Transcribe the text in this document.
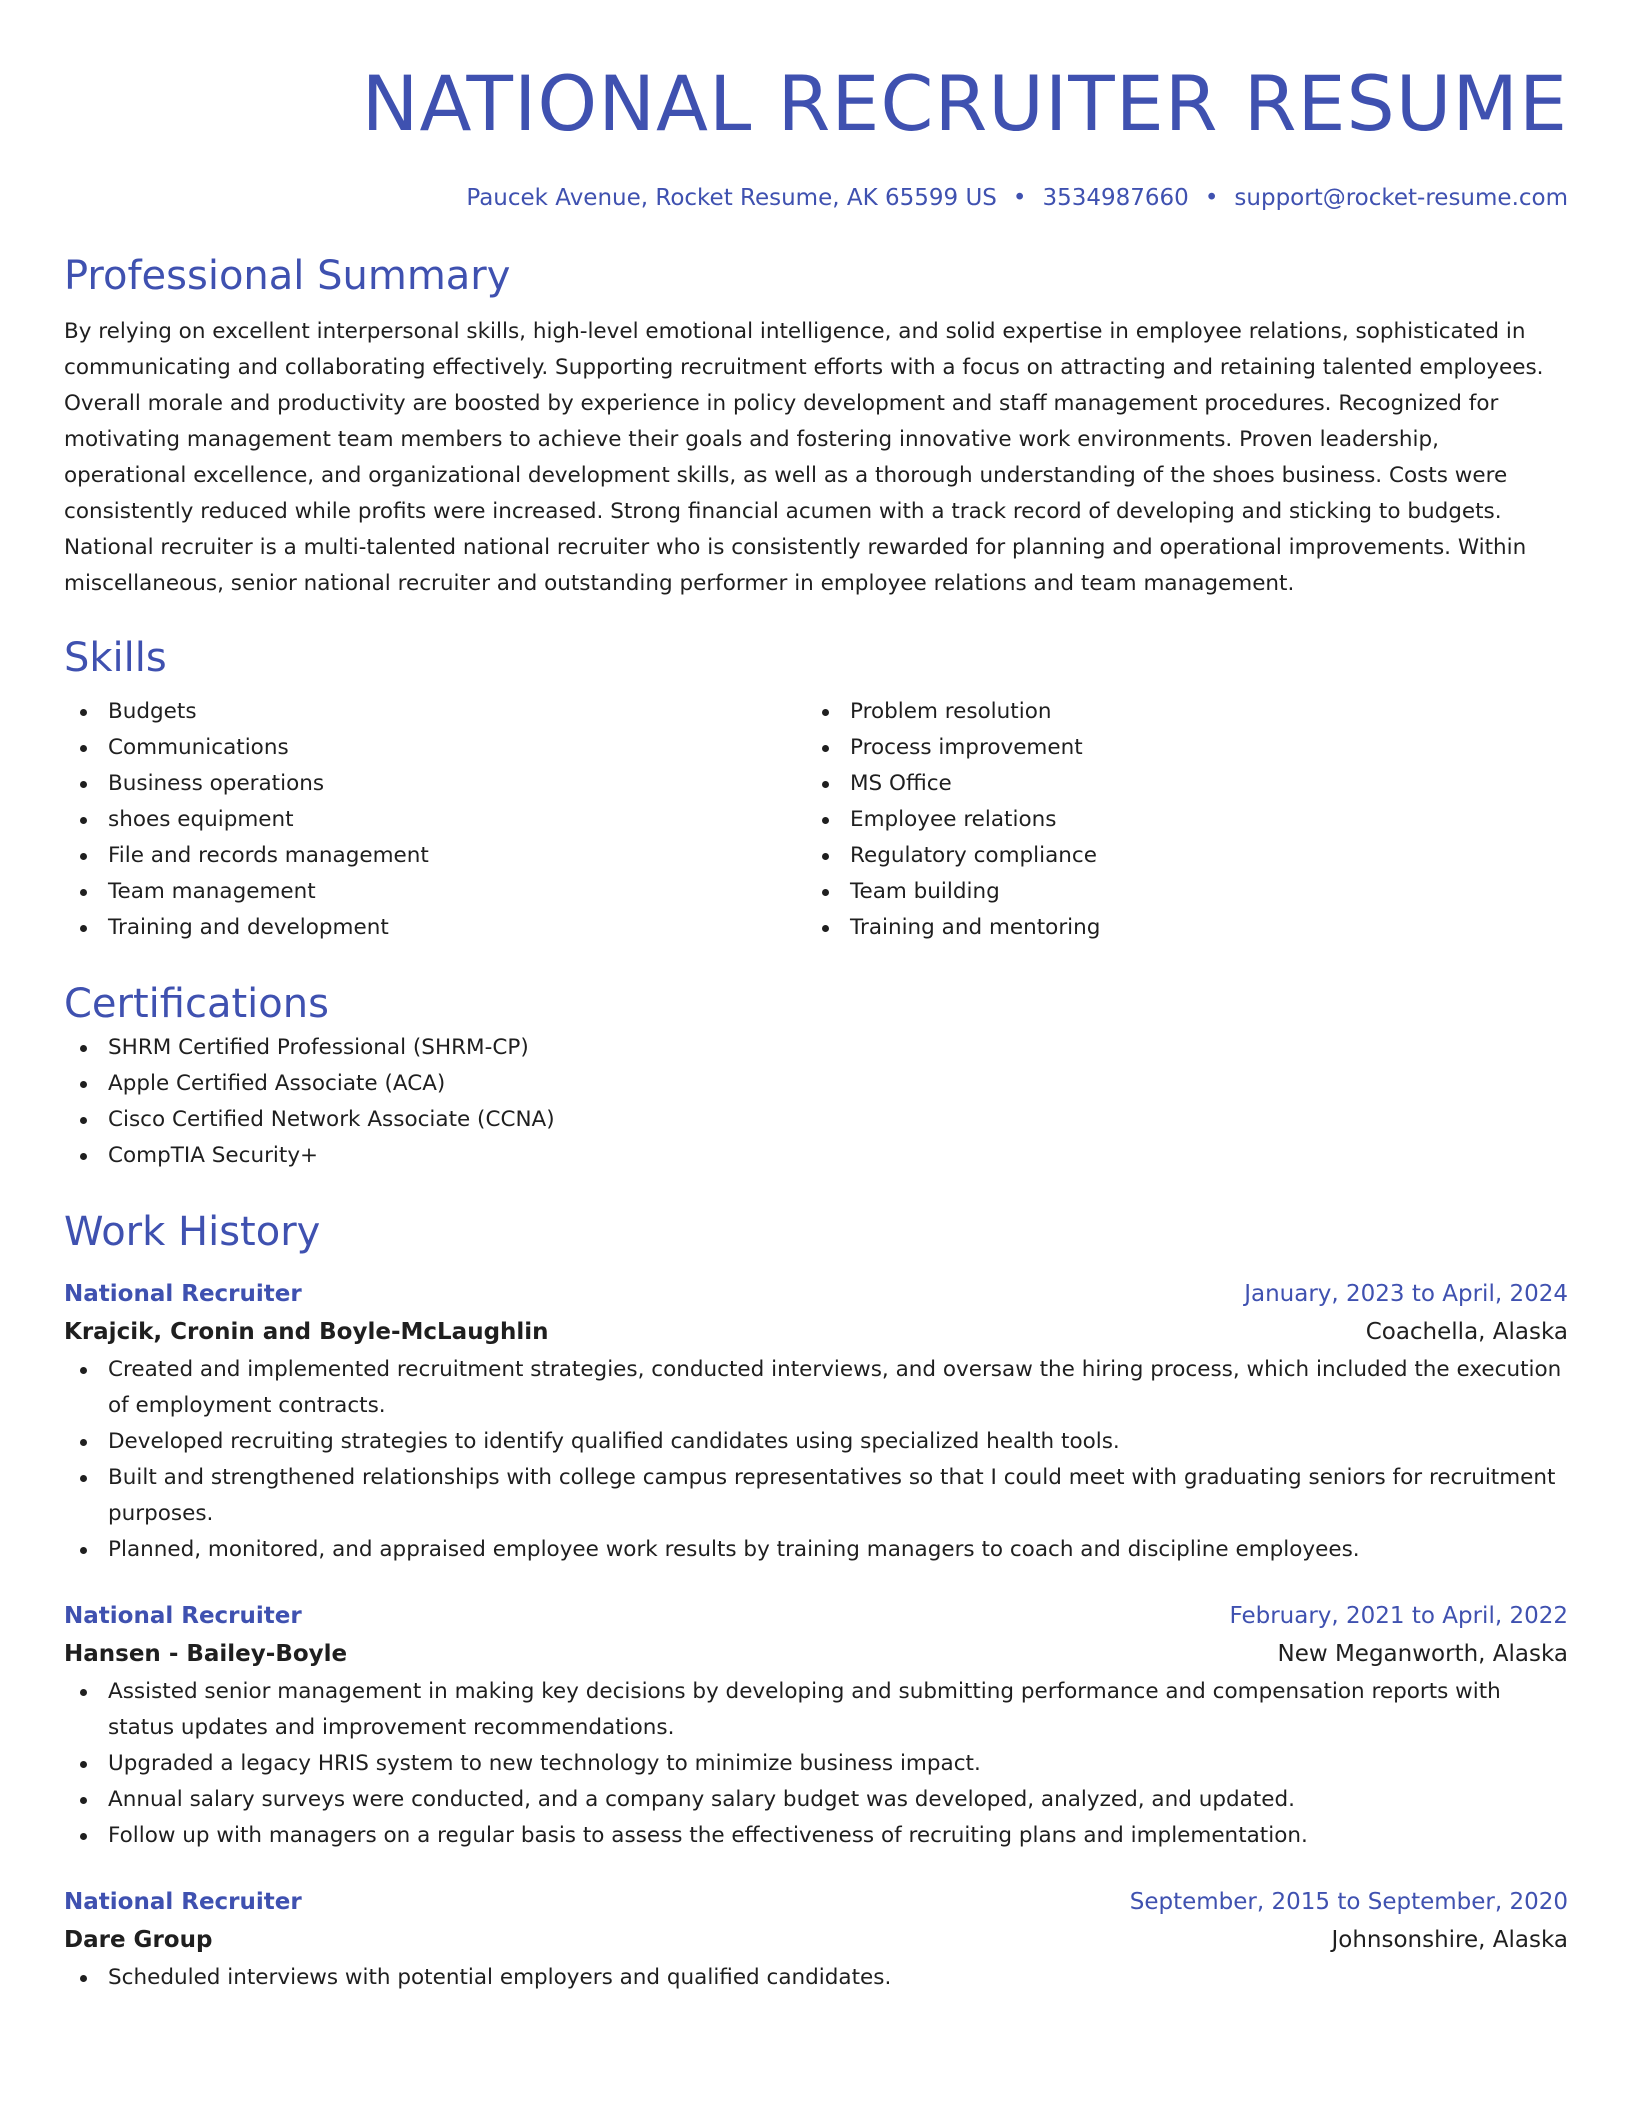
NATIONAL RECRUITER RESUME
Paucek Avenue, Rocket Resume, AK 65599 US • 3534987660 • support@rocket-resume.com
Professional Summary
By relying on excellent interpersonal skills, high-level emotional intelligence, and solid expertise in employee relations, sophisticated in communicating and collaborating effectively. Supporting recruitment efforts with a focus on attracting and retaining talented employees. Overall morale and productivity are boosted by experience in policy development and staff management procedures. Recognized for motivating management team members to achieve their goals and fostering innovative work environments. Proven leadership, operational excellence, and organizational development skills, as well as a thorough understanding of the shoes business. Costs were consistently reduced while profits were increased. Strong financial acumen with a track record of developing and sticking to budgets. National recruiter is a multi-talented national recruiter who is consistently rewarded for planning and operational improvements. Within miscellaneous, senior national recruiter and outstanding performer in employee relations and team management.
Skills
Budgets
Communications
Business operations
shoes equipment
File and records management
Team management
Training and development
Problem resolution
Process improvement
MS Office
Employee relations
Regulatory compliance
Team building
Training and mentoring
Certifications
SHRM Certified Professional (SHRM-CP)
Apple Certified Associate (ACA)
Cisco Certified Network Associate (CCNA)
CompTIA Security+
Work History
National Recruiter	January, 2023 to April, 2024
Krajcik, Cronin and Boyle-McLaughlin	Coachella, Alaska
Created and implemented recruitment strategies, conducted interviews, and oversaw the hiring process, which included the execution of employment contracts.
Developed recruiting strategies to identify qualified candidates using specialized health tools.
Built and strengthened relationships with college campus representatives so that I could meet with graduating seniors for recruitment purposes.
Planned, monitored, and appraised employee work results by training managers to coach and discipline employees.
National Recruiter	February, 2021 to April, 2022
Hansen - Bailey-Boyle	New Meganworth, Alaska
Assisted senior management in making key decisions by developing and submitting performance and compensation reports with status updates and improvement recommendations.
Upgraded a legacy HRIS system to new technology to minimize business impact.
Annual salary surveys were conducted, and a company salary budget was developed, analyzed, and updated.
Follow up with managers on a regular basis to assess the effectiveness of recruiting plans and implementation.
National Recruiter	September, 2015 to September, 2020
Dare Group	Johnsonshire, Alaska
Scheduled interviews with potential employers and qualified candidates.
